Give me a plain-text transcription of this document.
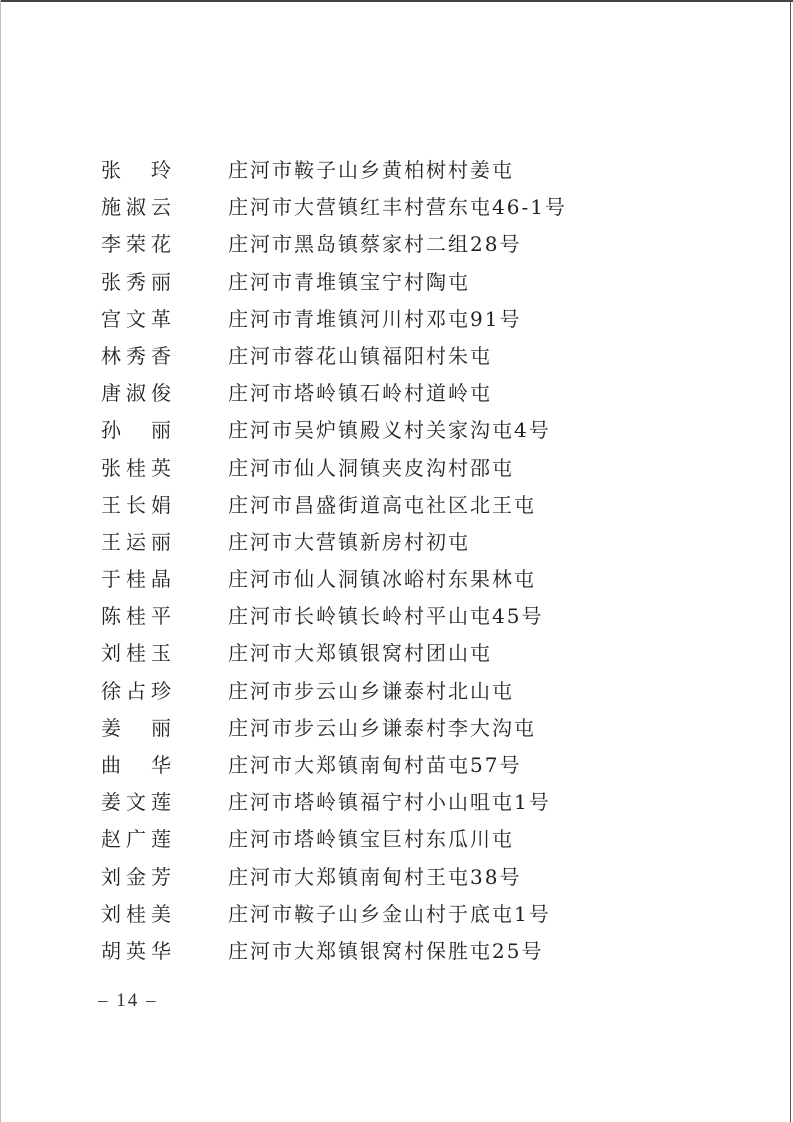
张　玲	庄河市鞍子山乡黄柏树村姜屯
施淑云	庄河市大营镇红丰村营东屯46-1号
李荣花	庄河市黑岛镇蔡家村二组28号
张秀丽	庄河市青堆镇宝宁村陶屯
宫文革	庄河市青堆镇河川村邓屯91号
林秀香	庄河市蓉花山镇福阳村朱屯
唐淑俊	庄河市塔岭镇石岭村道岭屯
孙　丽	庄河市吴炉镇殿义村关家沟屯4号
张桂英	庄河市仙人洞镇夹皮沟村邵屯
王长娟	庄河市昌盛街道高屯社区北王屯
王运丽	庄河市大营镇新房村初屯
于桂晶	庄河市仙人洞镇冰峪村东果林屯
陈桂平	庄河市长岭镇长岭村平山屯45号
刘桂玉	庄河市大郑镇银窝村团山屯
徐占珍	庄河市步云山乡谦泰村北山屯
姜　丽	庄河市步云山乡谦泰村李大沟屯
曲　华	庄河市大郑镇南甸村苗屯57号
姜文莲	庄河市塔岭镇福宁村小山咀屯1号
赵广莲	庄河市塔岭镇宝巨村东瓜川屯
刘金芳	庄河市大郑镇南甸村王屯38号
刘桂美	庄河市鞍子山乡金山村于底屯1号
胡英华	庄河市大郑镇银窝村保胜屯25号
– 14 –
